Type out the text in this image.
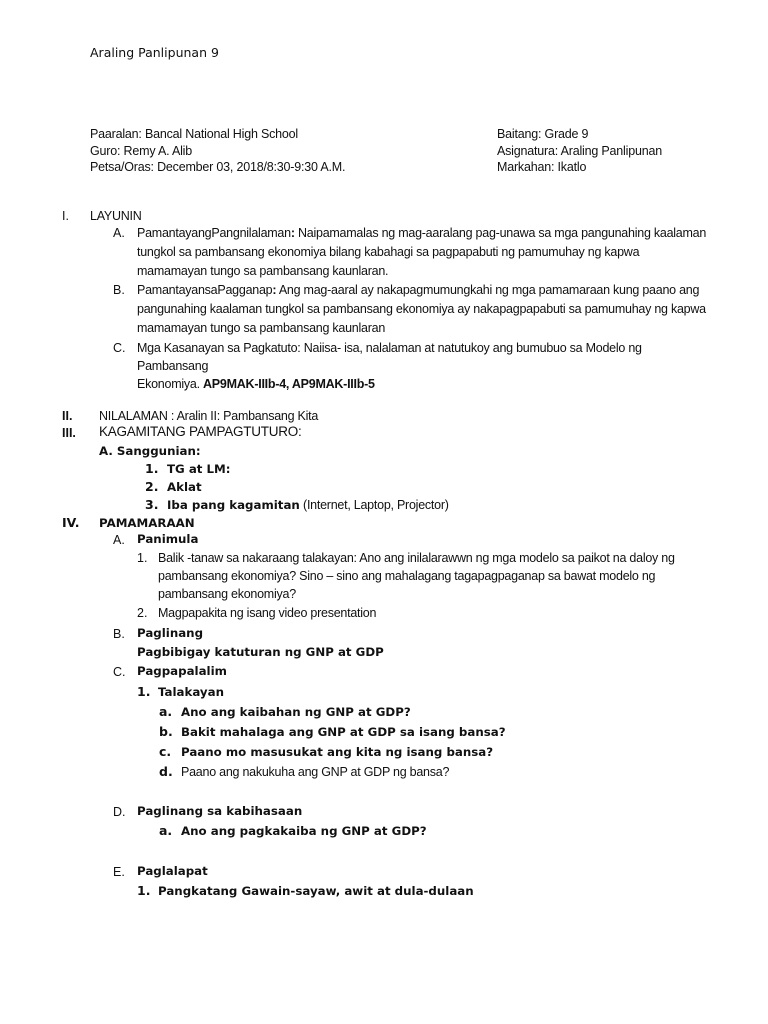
Araling Panlipunan 9
Paaralan: Bancal National High School
Guro: Remy A. Alib
Petsa/Oras: December 03, 2018/8:30-9:30 A.M.
Baitang: Grade 9
Asignatura: Araling Panlipunan
Markahan: Ikatlo
I. LAYUNIN
A. PamantayangPangnilalaman: Naipamamalas ng mag-aaralang pag-unawa sa mga pangunahing kaalaman
tungkol sa pambansang ekonomiya bilang kabahagi sa pagpapabuti ng pamumuhay ng kapwa
mamamayan tungo sa pambansang kaunlaran.
B. PamantayansaPagganap: Ang mag-aaral ay nakapagmumungkahi ng mga pamamaraan kung paano ang
pangunahing kaalaman tungkol sa pambansang ekonomiya ay nakapagpapabuti sa pamumuhay ng kapwa
mamamayan tungo sa pambansang kaunlaran
C. Mga Kasanayan sa Pagkatuto: Naiisa- isa, nalalaman at natutukoy ang bumubuo sa Modelo ng
Pambansang
Ekonomiya. AP9MAK-IIIb-4, AP9MAK-IIIb-5
II. NILALAMAN : Aralin II: Pambansang Kita
III. KAGAMITANG PAMPAGTUTURO:
A. Sanggunian:
1. TG at LM:
2. Aklat
3. Iba pang kagamitan (Internet, Laptop, Projector)
IV. PAMAMARAAN
A. Panimula
1. Balik -tanaw sa nakaraang talakayan: Ano ang inilalarawwn ng mga modelo sa paikot na daloy ng
pambansang ekonomiya? Sino – sino ang mahalagang tagapagpaganap sa bawat modelo ng
pambansang ekonomiya?
2. Magpapakita ng isang video presentation
B. Paglinang
Pagbibigay katuturan ng GNP at GDP
C. Pagpapalalim
1. Talakayan
a. Ano ang kaibahan ng GNP at GDP?
b. Bakit mahalaga ang GNP at GDP sa isang bansa?
c. Paano mo masusukat ang kita ng isang bansa?
d. Paano ang nakukuha ang GNP at GDP ng bansa?
D. Paglinang sa kabihasaan
a. Ano ang pagkakaiba ng GNP at GDP?
E. Paglalapat
1. Pangkatang Gawain-sayaw, awit at dula-dulaan
